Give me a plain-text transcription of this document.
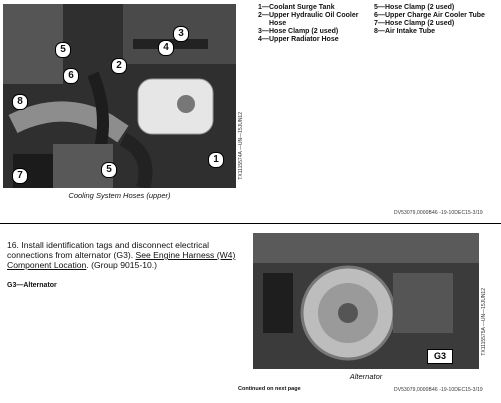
1
2
3
4
5
5
6
7
8
Cooling System Hoses (upper)
TX1115574A —UN—15JUN12
1— Coolant Surge Tank
2— Upper Hydraulic Oil Cooler Hose
3— Hose Clamp (2 used)
4— Upper Radiator Hose
5— Hose Clamp (2 used)
6— Upper Charge Air Cooler Tube
7— Hose Clamp (2 used)
8— Air Intake Tube
DV53079,0000B46 -19-10DEC15-3/19
16. Install identification tags and disconnect electrical connections from alternator (G3). See Engine Harness (W4) Component Location. (Group 9015-10.)
G3—Alternator
G3
Alternator
TX1115575A —UN—15JUN12
Continued on next page	DV53079,0000B46 -19-10DEC15-3/19
